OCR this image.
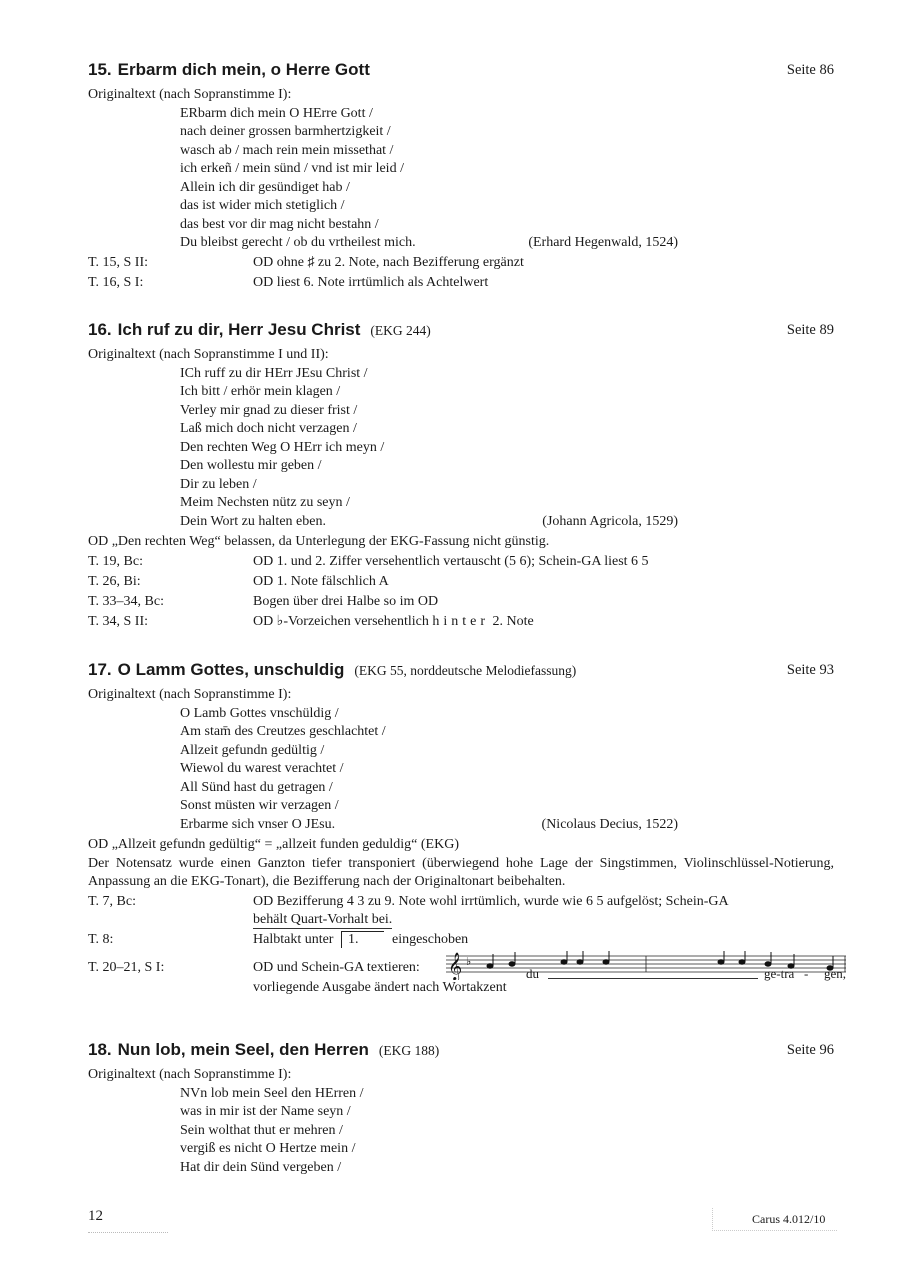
15. Erbarm dich mein, o Herre Gott	Seite 86
Originaltext (nach Sopranstimme I):
ERbarm dich mein O HErre Gott /
nach deiner grossen barmhertzigkeit /
wasch ab / mach rein mein missethat /
ich erkeñ / mein sünd / vnd ist mir leid /
Allein ich dir gesündiget hab /
das ist wider mich stetiglich /
das best vor dir mag nicht bestahn /
Du bleibst gerecht / ob du vrtheilest mich.	(Erhard Hegenwald, 1524)
T. 15, S II:	OD ohne ♯ zu 2. Note, nach Bezifferung ergänzt
T. 16, S I:	OD liest 6. Note irrtümlich als Achtelwert
16. Ich ruf zu dir, Herr Jesu Christ (EKG 244)	Seite 89
Originaltext (nach Sopranstimme I und II):
ICh ruff zu dir HErr JEsu Christ /
Ich bitt / erhör mein klagen /
Verley mir gnad zu dieser frist /
Laß mich doch nicht verzagen /
Den rechten Weg O HErr ich meyn /
Den wollestu mir geben /
Dir zu leben /
Meim Nechsten nütz zu seyn /
Dein Wort zu halten eben.	(Johann Agricola, 1529)
OD „Den rechten Weg“ belassen, da Unterlegung der EKG-Fassung nicht günstig.
T. 19, Bc:	OD 1. und 2. Ziffer versehentlich vertauscht (5 6); Schein-GA liest 6 5
T. 26, Bi:	OD 1. Note fälschlich A
T. 33–34, Bc:	Bogen über drei Halbe so im OD
T. 34, S II:	OD ♭-Vorzeichen versehentlich hinter 2. Note
17. O Lamm Gottes, unschuldig (EKG 55, norddeutsche Melodiefassung)	Seite 93
Originaltext (nach Sopranstimme I):
O Lamb Gottes vnschüldig /
Am stam̄ des Creutzes geschlachtet /
Allzeit gefundn gedültig /
Wiewol du warest verachtet /
All Sünd hast du getragen /
Sonst müsten wir verzagen /
Erbarme sich vnser O JEsu.	(Nicolaus Decius, 1522)
OD „Allzeit gefundn gedültig“ = „allzeit funden geduldig“ (EKG)
Der Notensatz wurde einen Ganzton tiefer transponiert (überwiegend hohe Lage der Singstimmen, Violinschlüssel-Notierung, Anpassung an die EKG-Tonart), die Bezifferung nach der Originaltonart beibehalten.
T. 7, Bc:	OD Bezifferung 4 3 zu 9. Note wohl irrtümlich, wurde wie 6 5 aufgelöst; Schein-GA
behält Quart-Vorhalt bei.
T. 8:	Halbtakt unter 1. eingeschoben
T. 20–21, S I:	OD und Schein-GA textieren: 𝄞 ♭
du	ge-tra - gen,
vorliegende Ausgabe ändert nach Wortakzent
18. Nun lob, mein Seel, den Herren (EKG 188)	Seite 96
Originaltext (nach Sopranstimme I):
NVn lob mein Seel den HErren /
was in mir ist der Name seyn /
Sein wolthat thut er mehren /
vergiß es nicht O Hertze mein /
Hat dir dein Sünd vergeben /
12	Carus 4.012/10
